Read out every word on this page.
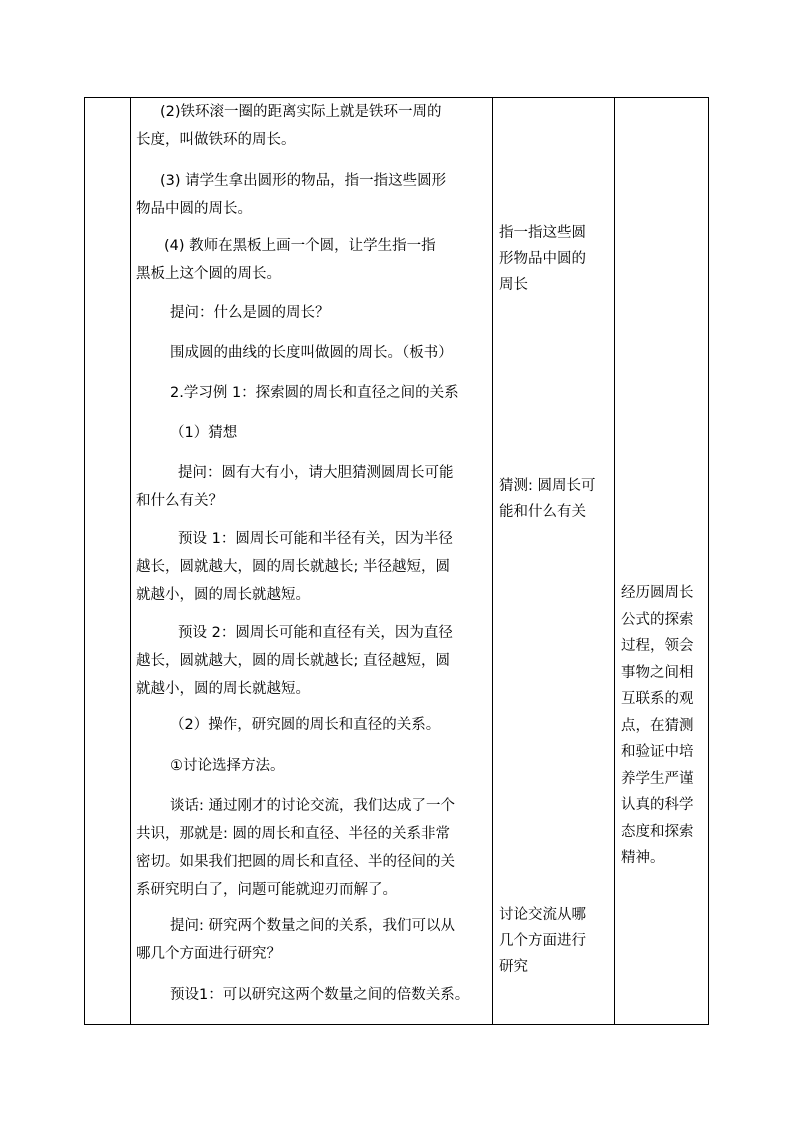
(2)铁环滚一圈的距离实际上就是铁环一周的
长度，叫做铁环的周长。
(3) 请学生拿出圆形的物品，指一指这些圆形
物品中圆的周长。
(4) 教师在黑板上画一个圆，让学生指一指
黑板上这个圆的周长。
提问：什么是圆的周长？
围成圆的曲线的长度叫做圆的周长。（板书）
2.学习例 1：探索圆的周长和直径之间的关系
（1）猜想
提问：圆有大有小，请大胆猜测圆周长可能
和什么有关？
预设 1：圆周长可能和半径有关，因为半径
越长，圆就越大，圆的周长就越长; 半径越短，圆
就越小，圆的周长就越短。
预设 2：圆周长可能和直径有关，因为直径
越长，圆就越大，圆的周长就越长; 直径越短，圆
就越小，圆的周长就越短。
（2）操作，研究圆的周长和直径的关系。
①讨论选择方法。
谈话: 通过刚才的讨论交流，我们达成了一个
共识，那就是: 圆的周长和直径、半径的关系非常
密切。如果我们把圆的周长和直径、半的径间的关
系研究明白了，问题可能就迎刃而解了。
提问: 研究两个数量之间的关系，我们可以从
哪几个方面进行研究？
预设1：可以研究这两个数量之间的倍数关系。
指一指这些圆
形物品中圆的
周长
猜测: 圆周长可
能和什么有关
讨论交流从哪
几个方面进行
研究
经历圆周长
公式的探索
过程，领会
事物之间相
互联系的观
点，在猜测
和验证中培
养学生严谨
认真的科学
态度和探索
精神。
